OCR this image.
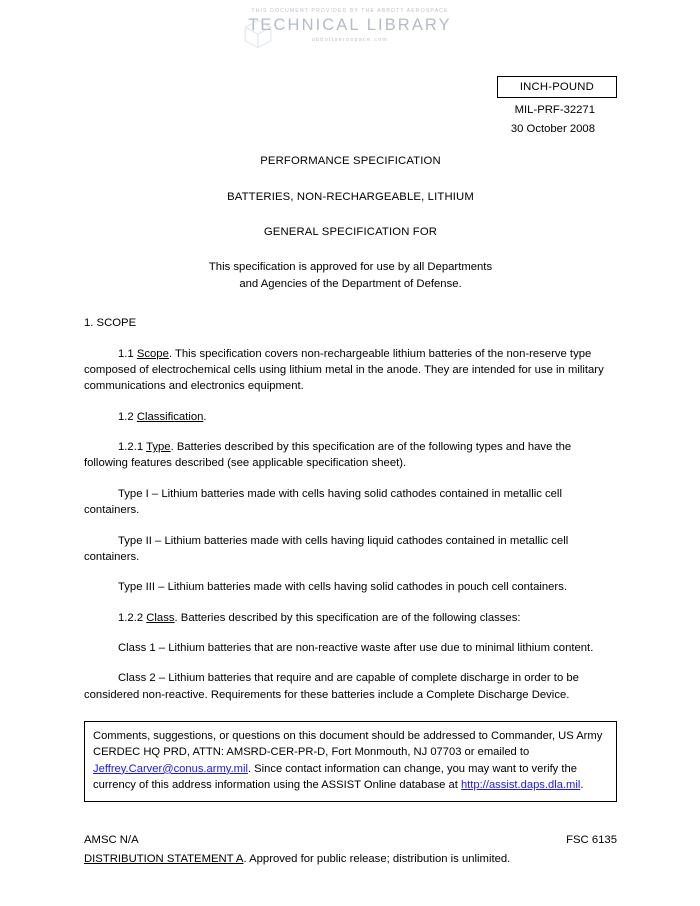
THIS DOCUMENT PROVIDED BY THE ABBOTT AEROSPACE
TECHNICAL LIBRARY
abbottaerospace.com
INCH-POUND
MIL-PRF-32271
30 October 2008
PERFORMANCE SPECIFICATION
BATTERIES, NON-RECHARGEABLE, LITHIUM
GENERAL SPECIFICATION FOR
This specification is approved for use by all Departments
and Agencies of the Department of Defense.
1. SCOPE

1.1 Scope. This specification covers non-rechargeable lithium batteries of the non-reserve type composed of electrochemical cells using lithium metal in the anode. They are intended for use in military communications and electronics equipment.

1.2 Classification.

1.2.1 Type. Batteries described by this specification are of the following types and have the following features described (see applicable specification sheet).

Type I – Lithium batteries made with cells having solid cathodes contained in metallic cell containers.

Type II – Lithium batteries made with cells having liquid cathodes contained in metallic cell containers.

Type III – Lithium batteries made with cells having solid cathodes in pouch cell containers.

1.2.2 Class. Batteries described by this specification are of the following classes:

Class 1 – Lithium batteries that are non-reactive waste after use due to minimal lithium content.

Class 2 – Lithium batteries that require and are capable of complete discharge in order to be considered non-reactive. Requirements for these batteries include a Complete Discharge Device.

Comments, suggestions, or questions on this document should be addressed to Commander, US Army CERDEC HQ PRD, ATTN: AMSRD-CER-PR-D, Fort Monmouth, NJ 07703 or emailed to Jeffrey.Carver@conus.army.mil. Since contact information can change, you may want to verify the currency of this address information using the ASSIST Online database at http://assist.daps.dla.mil.
AMSC N/A	FSC 6135
DISTRIBUTION STATEMENT A. Approved for public release; distribution is unlimited.
